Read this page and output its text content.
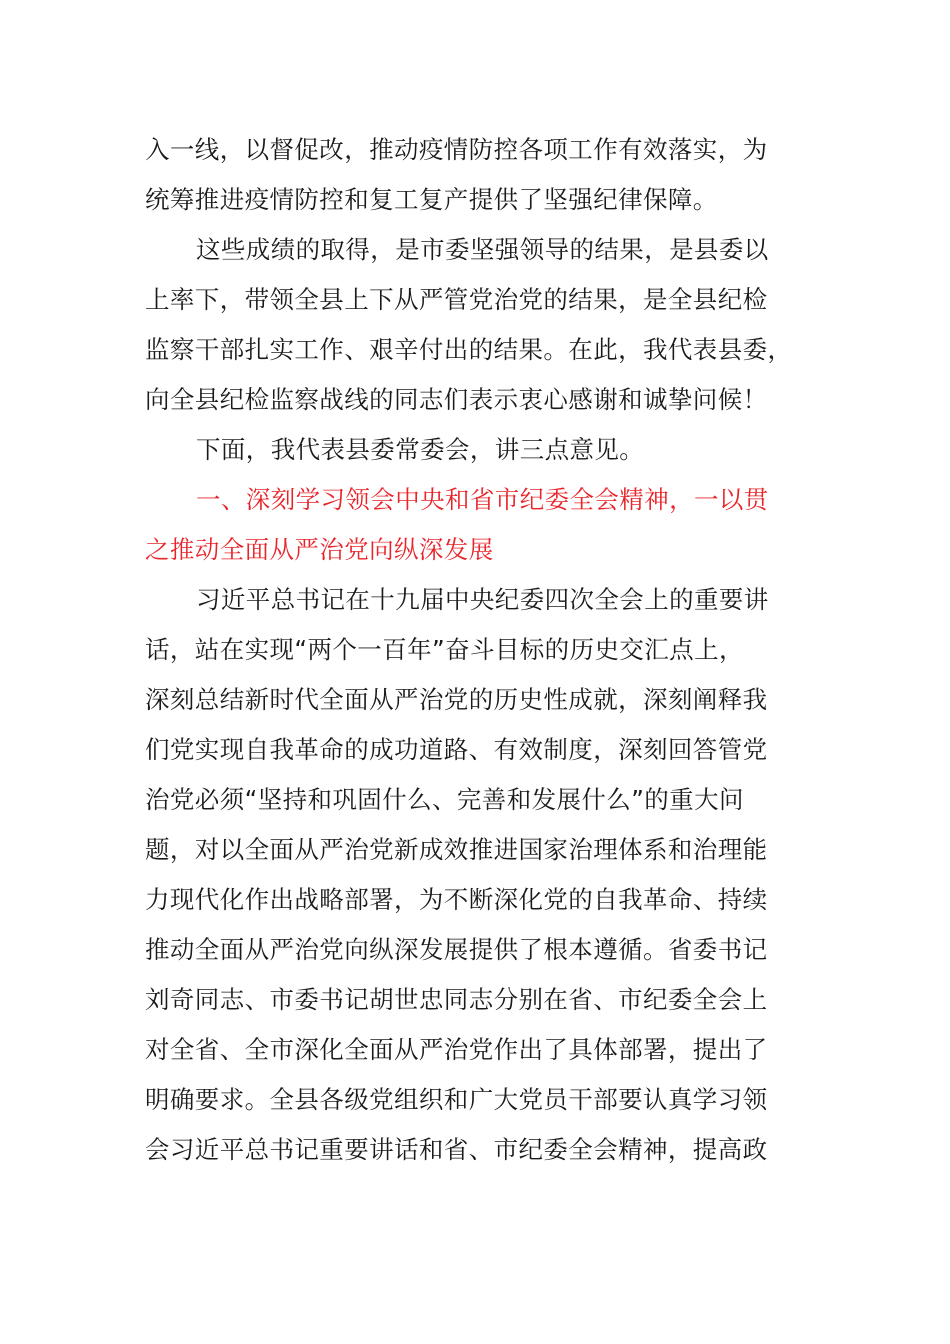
入一线，以督促改，推动疫情防控各项工作有效落实，为
统筹推进疫情防控和复工复产提供了坚强纪律保障。
这些成绩的取得，是市委坚强领导的结果，是县委以
上率下，带领全县上下从严管党治党的结果，是全县纪检
监察干部扎实工作、艰辛付出的结果。在此，我代表县委，
向全县纪检监察战线的同志们表示衷心感谢和诚挚问候！
下面，我代表县委常委会，讲三点意见。
一、深刻学习领会中央和省市纪委全会精神，一以贯
之推动全面从严治党向纵深发展
习近平总书记在十九届中央纪委四次全会上的重要讲
话，站在实现“两个一百年”奋斗目标的历史交汇点上，
深刻总结新时代全面从严治党的历史性成就，深刻阐释我
们党实现自我革命的成功道路、有效制度，深刻回答管党
治党必须“坚持和巩固什么、完善和发展什么”的重大问
题，对以全面从严治党新成效推进国家治理体系和治理能
力现代化作出战略部署，为不断深化党的自我革命、持续
推动全面从严治党向纵深发展提供了根本遵循。省委书记
刘奇同志、市委书记胡世忠同志分别在省、市纪委全会上
对全省、全市深化全面从严治党作出了具体部署，提出了
明确要求。全县各级党组织和广大党员干部要认真学习领
会习近平总书记重要讲话和省、市纪委全会精神，提高政
